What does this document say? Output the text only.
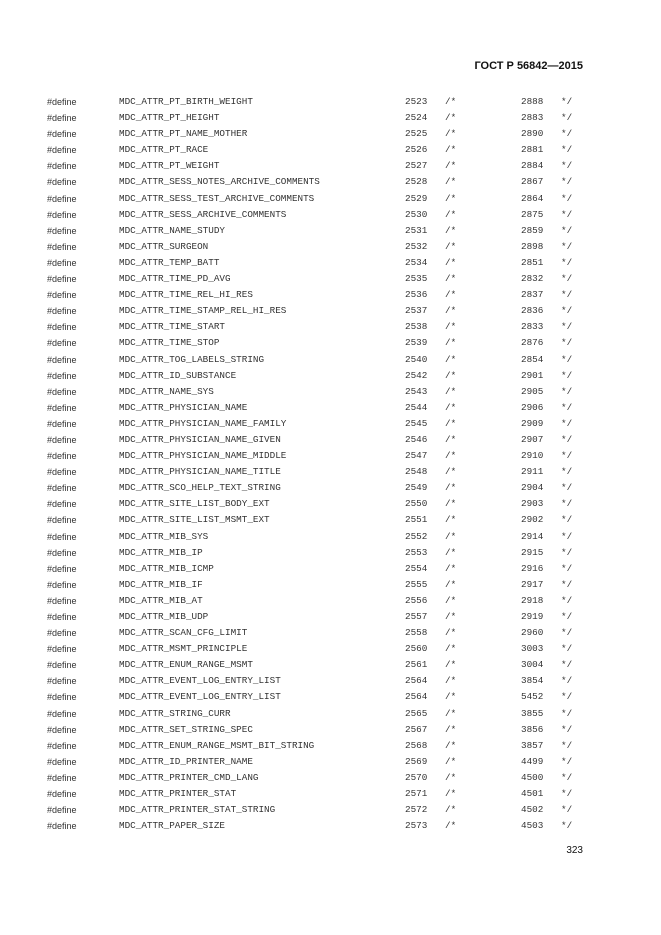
ГОСТ Р 56842—2015
#define	MDC_ATTR_PT_BIRTH_WEIGHT	2523 /*	2888 */
#define	MDC_ATTR_PT_HEIGHT	2524 /*	2883 */
#define	MDC_ATTR_PT_NAME_MOTHER	2525 /*	2890 */
#define	MDC_ATTR_PT_RACE	2526 /*	2881 */
#define	MDC_ATTR_PT_WEIGHT	2527 /*	2884 */
#define	MDC_ATTR_SESS_NOTES_ARCHIVE_COMMENTS	2528 /*	2867 */
#define	MDC_ATTR_SESS_TEST_ARCHIVE_COMMENTS	2529 /*	2864 */
#define	MDC_ATTR_SESS_ARCHIVE_COMMENTS	2530 /*	2875 */
#define	MDC_ATTR_NAME_STUDY	2531 /*	2859 */
#define	MDC_ATTR_SURGEON	2532 /*	2898 */
#define	MDC_ATTR_TEMP_BATT	2534 /*	2851 */
#define	MDC_ATTR_TIME_PD_AVG	2535 /*	2832 */
#define	MDC_ATTR_TIME_REL_HI_RES	2536 /*	2837 */
#define	MDC_ATTR_TIME_STAMP_REL_HI_RES	2537 /*	2836 */
#define	MDC_ATTR_TIME_START	2538 /*	2833 */
#define	MDC_ATTR_TIME_STOP	2539 /*	2876 */
#define	MDC_ATTR_TOG_LABELS_STRING	2540 /*	2854 */
#define	MDC_ATTR_ID_SUBSTANCE	2542 /*	2901 */
#define	MDC_ATTR_NAME_SYS	2543 /*	2905 */
#define	MDC_ATTR_PHYSICIAN_NAME	2544 /*	2906 */
#define	MDC_ATTR_PHYSICIAN_NAME_FAMILY	2545 /*	2909 */
#define	MDC_ATTR_PHYSICIAN_NAME_GIVEN	2546 /*	2907 */
#define	MDC_ATTR_PHYSICIAN_NAME_MIDDLE	2547 /*	2910 */
#define	MDC_ATTR_PHYSICIAN_NAME_TITLE	2548 /*	2911 */
#define	MDC_ATTR_SCO_HELP_TEXT_STRING	2549 /*	2904 */
#define	MDC_ATTR_SITE_LIST_BODY_EXT	2550 /*	2903 */
#define	MDC_ATTR_SITE_LIST_MSMT_EXT	2551 /*	2902 */
#define	MDC_ATTR_MIB_SYS	2552 /*	2914 */
#define	MDC_ATTR_MIB_IP	2553 /*	2915 */
#define	MDC_ATTR_MIB_ICMP	2554 /*	2916 */
#define	MDC_ATTR_MIB_IF	2555 /*	2917 */
#define	MDC_ATTR_MIB_AT	2556 /*	2918 */
#define	MDC_ATTR_MIB_UDP	2557 /*	2919 */
#define	MDC_ATTR_SCAN_CFG_LIMIT	2558 /*	2960 */
#define	MDC_ATTR_MSMT_PRINCIPLE	2560 /*	3003 */
#define	MDC_ATTR_ENUM_RANGE_MSMT	2561 /*	3004 */
#define	MDC_ATTR_EVENT_LOG_ENTRY_LIST	2564 /*	3854 */
#define	MDC_ATTR_EVENT_LOG_ENTRY_LIST	2564 /*	5452 */
#define	MDC_ATTR_STRING_CURR	2565 /*	3855 */
#define	MDC_ATTR_SET_STRING_SPEC	2567 /*	3856 */
#define	MDC_ATTR_ENUM_RANGE_MSMT_BIT_STRING	2568 /*	3857 */
#define	MDC_ATTR_ID_PRINTER_NAME	2569 /*	4499 */
#define	MDC_ATTR_PRINTER_CMD_LANG	2570 /*	4500 */
#define	MDC_ATTR_PRINTER_STAT	2571 /*	4501 */
#define	MDC_ATTR_PRINTER_STAT_STRING	2572 /*	4502 */
#define	MDC_ATTR_PAPER_SIZE	2573 /*	4503 */
323
